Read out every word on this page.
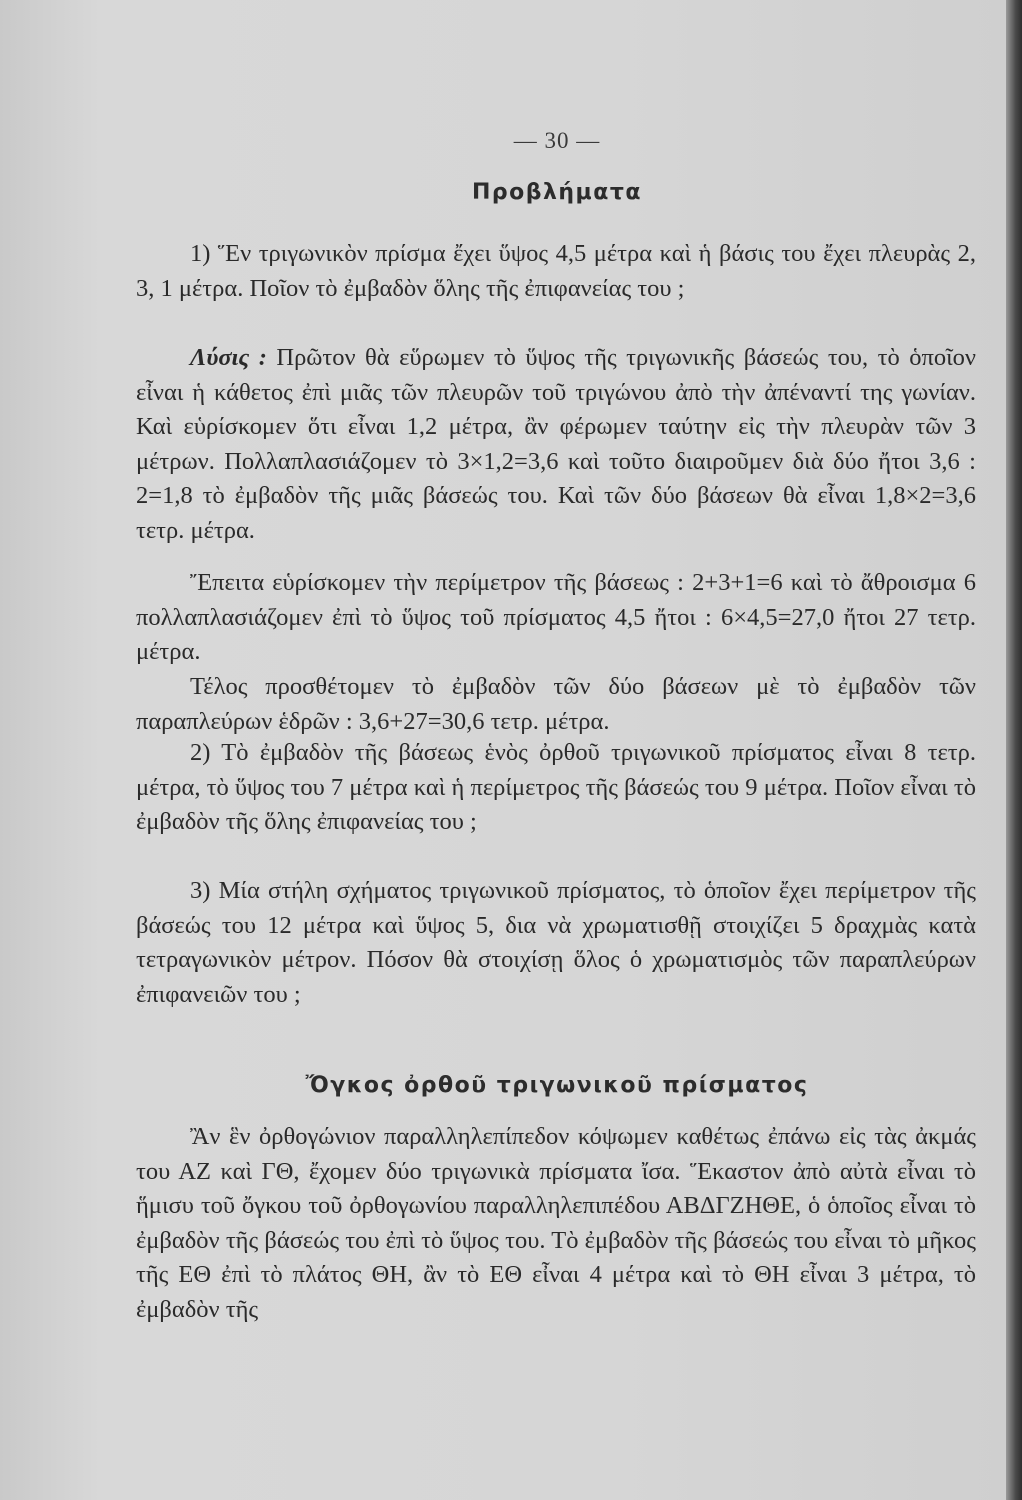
— 30 —
Προβλήματα

1) Ἕν τριγωνικὸν πρίσμα ἔχει ὕψος 4,5 μέτρα καὶ ἡ βάσις του ἔχει πλευρὰς 2, 3, 1 μέτρα. Ποῖον τὸ ἐμβαδὸν ὅλης τῆς ἐπιφανείας του ;

Λύσις : Πρῶτον θὰ εὕρωμεν τὸ ὕψος τῆς τριγωνικῆς βάσεώς του, τὸ ὁποῖον εἶναι ἡ κάθετος ἐπὶ μιᾶς τῶν πλευρῶν τοῦ τριγώνου ἀπὸ τὴν ἀπέναντί της γωνίαν. Καὶ εὑρίσκομεν ὅτι εἶναι 1,2 μέτρα, ἂν φέρωμεν ταύτην εἰς τὴν πλευρὰν τῶν 3 μέτρων. Πολλαπλασιάζομεν τὸ 3×1,2=3,6 καὶ τοῦτο διαιροῦμεν διὰ δύο ἤτοι 3,6 : 2=1,8 τὸ ἐμβαδὸν τῆς μιᾶς βάσεώς του. Καὶ τῶν δύο βάσεων θὰ εἶναι 1,8×2=3,6 τετρ. μέτρα.

Ἔπειτα εὑρίσκομεν τὴν περίμετρον τῆς βάσεως : 2+3+1=6 καὶ τὸ ἄθροισμα 6 πολλαπλασιάζομεν ἐπὶ τὸ ὕψος τοῦ πρίσματος 4,5 ἤτοι : 6×4,5=27,0 ἤτοι 27 τετρ. μέτρα.

Τέλος προσθέτομεν τὸ ἐμβαδὸν τῶν δύο βάσεων μὲ τὸ ἐμβαδὸν τῶν παραπλεύρων ἑδρῶν : 3,6+27=30,6 τετρ. μέτρα.

2) Τὸ ἐμβαδὸν τῆς βάσεως ἑνὸς ὀρθοῦ τριγωνικοῦ πρίσματος εἶναι 8 τετρ. μέτρα, τὸ ὕψος του 7 μέτρα καὶ ἡ περίμετρος τῆς βάσεώς του 9 μέτρα. Ποῖον εἶναι τὸ ἐμβαδὸν τῆς ὅλης ἐπιφανείας του ;

3) Μία στήλη σχήματος τριγωνικοῦ πρίσματος, τὸ ὁποῖον ἔχει περίμετρον τῆς βάσεώς του 12 μέτρα καὶ ὕψος 5, δια νὰ χρωματισθῇ στοιχίζει 5 δραχμὰς κατὰ τετραγωνικὸν μέτρον. Πόσον θὰ στοιχίσῃ ὅλος ὁ χρωματισμὸς τῶν παραπλεύρων ἐπιφανειῶν του ;

Ὄγκος ὀρθοῦ τριγωνικοῦ πρίσματος

Ἂν ἓν ὀρθογώνιον παραλληλεπίπεδον κόψωμεν καθέτως ἐπάνω εἰς τὰς ἀκμάς του ΑΖ καὶ ΓΘ, ἔχομεν δύο τριγωνικὰ πρίσματα ἴσα. Ἕκαστον ἀπὸ αὐτὰ εἶναι τὸ ἥμισυ τοῦ ὄγκου τοῦ ὀρθογωνίου παραλληλεπιπέδου ΑΒΔΓΖΗΘΕ, ὁ ὁποῖος εἶναι τὸ ἐμβαδὸν τῆς βάσεώς του ἐπὶ τὸ ὕψος του. Τὸ ἐμβαδὸν τῆς βάσεώς του εἶναι τὸ μῆκος τῆς ΕΘ ἐπὶ τὸ πλάτος ΘΗ, ἂν τὸ ΕΘ εἶναι 4 μέτρα καὶ τὸ ΘΗ εἶναι 3 μέτρα, τὸ ἐμβαδὸν τῆς
